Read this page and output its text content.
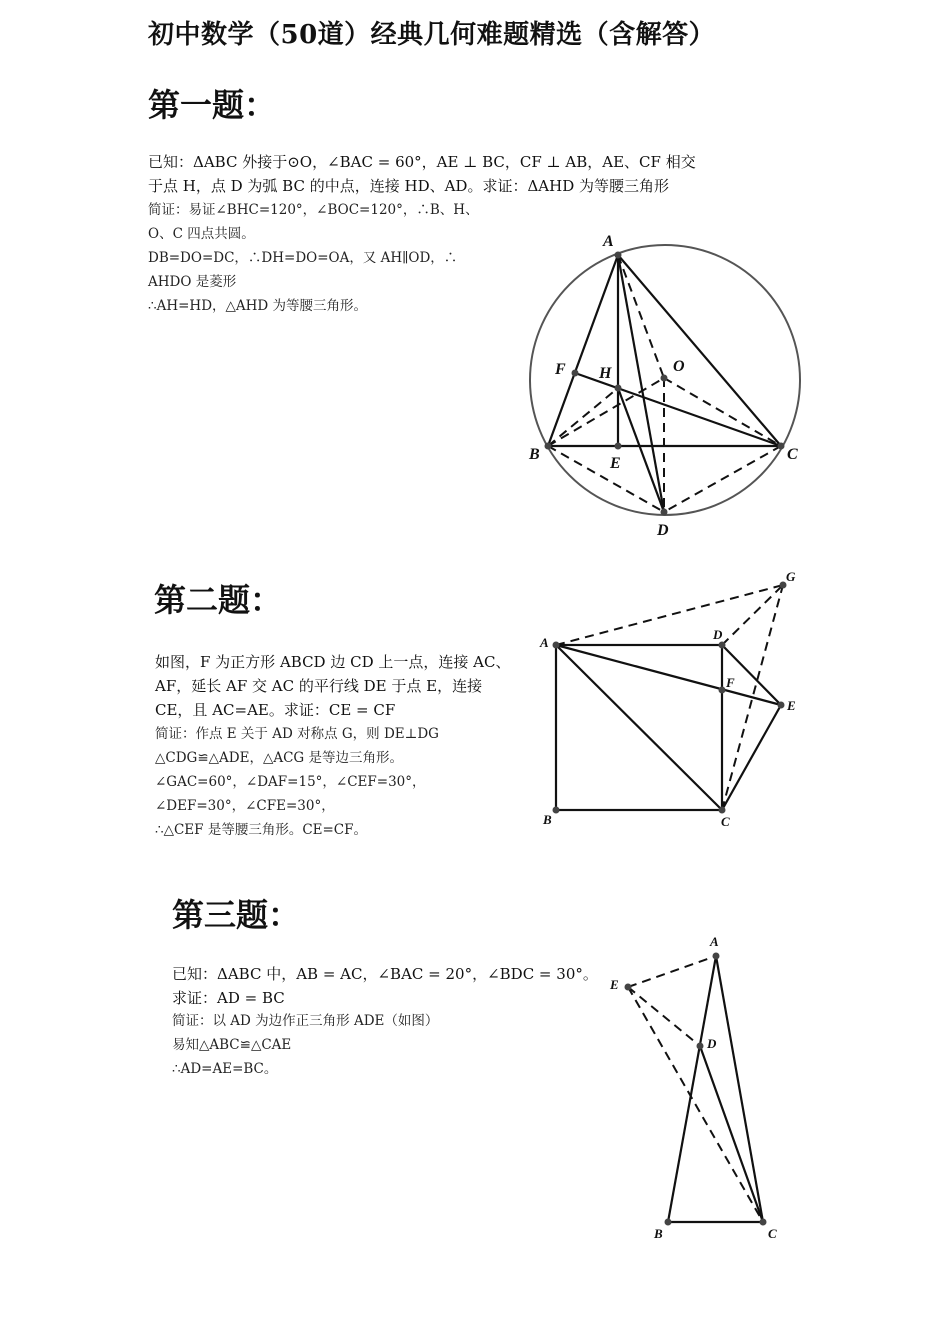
初中数学（50道）经典几何难题精选（含解答）
第一题：
已知：ΔABC 外接于⊙O，∠BAC = 60°，AE ⊥ BC，CF ⊥ AB，AE、CF 相交
于点 H，点 D 为弧 BC 的中点，连接 HD、AD。求证：ΔAHD 为等腰三角形
简证：易证∠BHC=120°，∠BOC=120°，∴B、H、
O、C 四点共圆。
DB=DO=DC，∴DH=DO=OA，又 AH∥OD，∴
AHDO 是菱形
∴AH=HD，△AHD 为等腰三角形。
A
B	C
D
E
F H	O
第二题：
如图，F 为正方形 ABCD 边 CD 上一点，连接 AC、
AF，延长 AF 交 AC 的平行线 DE 于点 E，连接
CE，且 AC=AE。求证：CE = CF
简证：作点 E 关于 AD 对称点 G，则 DE⊥DG
△CDG≌△ADE，△ACG 是等边三角形。
∠GAC=60°，∠DAF=15°，∠CEF=30°，
∠DEF=30°，∠CFE=30°，
∴△CEF 是等腰三角形。CE=CF。
A
B	C
D
E
F
G
第三题：
已知：ΔABC 中，AB = AC，∠BAC = 20°，∠BDC = 30°。
求证：AD = BC
简证：以 AD 为边作正三角形 ADE（如图）
易知△ABC≌△CAE
∴AD=AE=BC。
A
B	C
D
E
